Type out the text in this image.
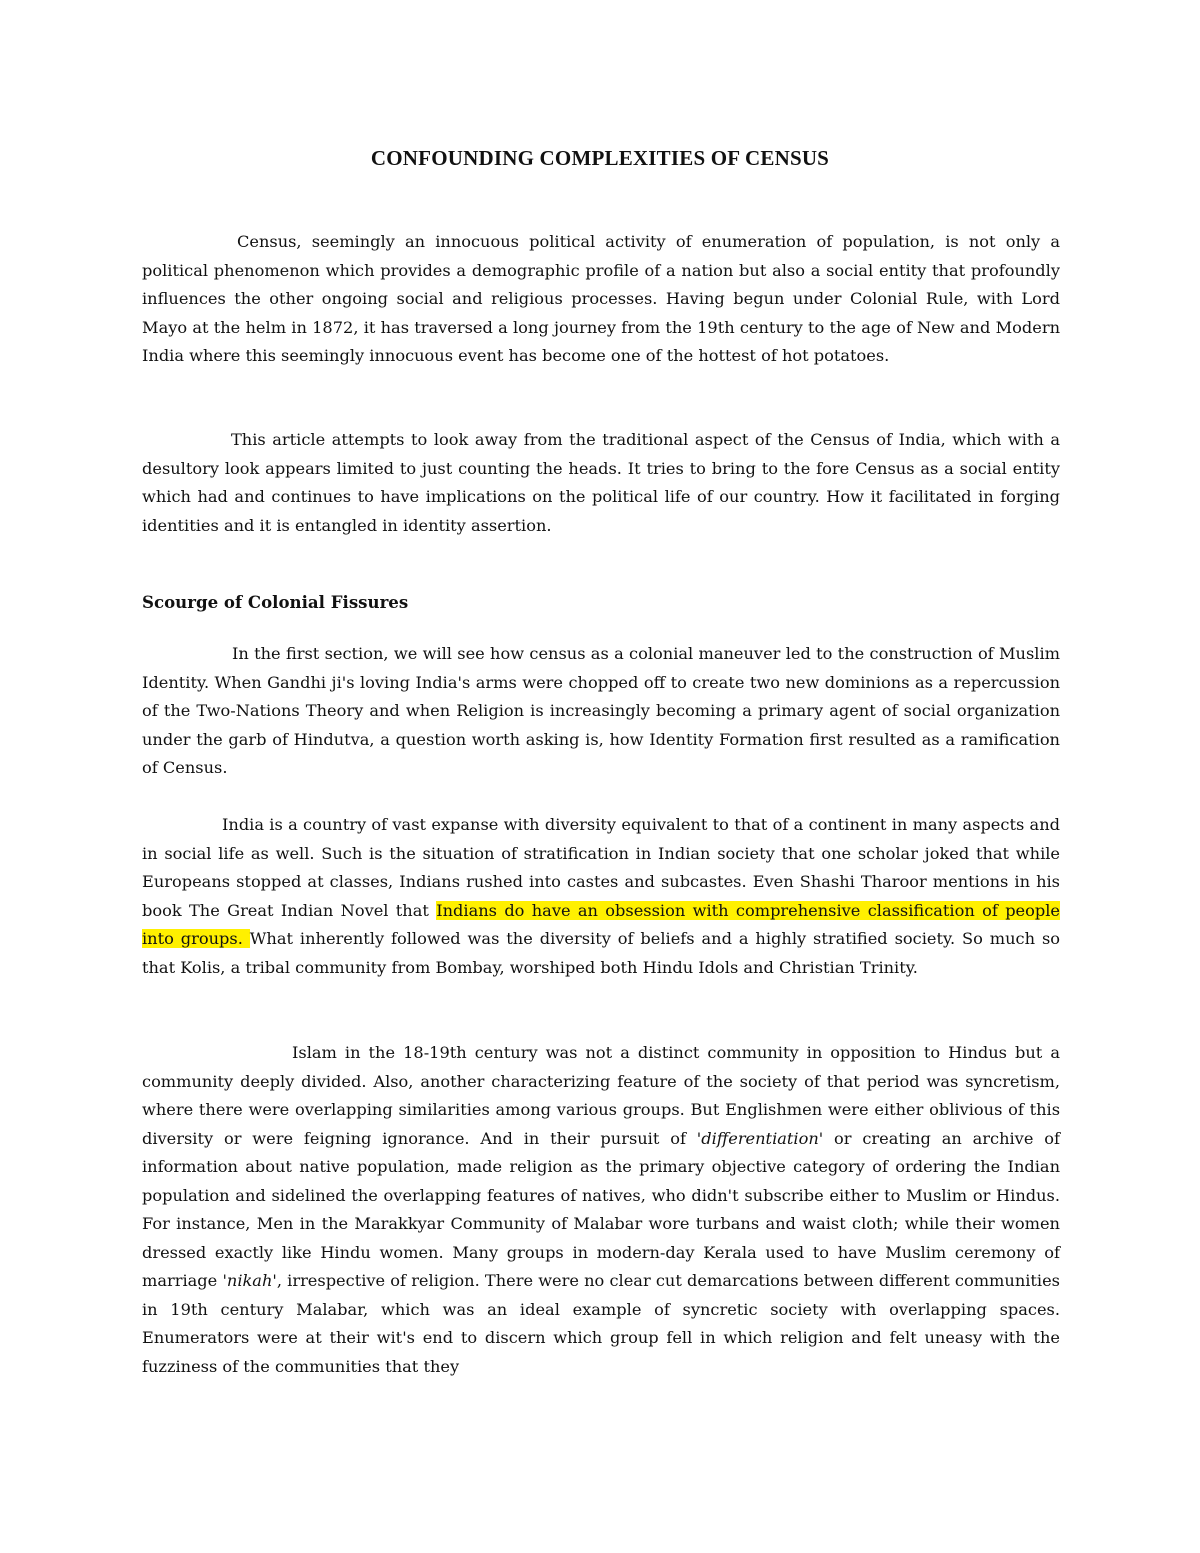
CONFOUNDING COMPLEXITIES OF CENSUS

Census, seemingly an innocuous political activity of enumeration of population, is not only a political phenomenon which provides a demographic profile of a nation but also a social entity that profoundly influences the other ongoing social and religious processes. Having begun under Colonial Rule, with Lord Mayo at the helm in 1872, it has traversed a long journey from the 19th century to the age of New and Modern India where this seemingly innocuous event has become one of the hottest of hot potatoes.

This article attempts to look away from the traditional aspect of the Census of India, which with a desultory look appears limited to just counting the heads. It tries to bring to the fore Census as a social entity which had and continues to have implications on the political life of our country. How it facilitated in forging identities and it is entangled in identity assertion.

Scourge of Colonial Fissures

In the first section, we will see how census as a colonial maneuver led to the construction of Muslim Identity. When Gandhi ji's loving India's arms were chopped off to create two new dominions as a repercussion of the Two-Nations Theory and when Religion is increasingly becoming a primary agent of social organization under the garb of Hindutva, a question worth asking is, how Identity Formation first resulted as a ramification of Census.

India is a country of vast expanse with diversity equivalent to that of a continent in many aspects and in social life as well. Such is the situation of stratification in Indian society that one scholar joked that while Europeans stopped at classes, Indians rushed into castes and subcastes. Even Shashi Tharoor mentions in his book The Great Indian Novel that Indians do have an obsession with comprehensive classification of people into groups. What inherently followed was the diversity of beliefs and a highly stratified society. So much so that Kolis, a tribal community from Bombay, worshiped both Hindu Idols and Christian Trinity.

Islam in the 18-19th century was not a distinct community in opposition to Hindus but a community deeply divided. Also, another characterizing feature of the society of that period was syncretism, where there were overlapping similarities among various groups. But Englishmen were either oblivious of this diversity or were feigning ignorance. And in their pursuit of 'differentiation' or creating an archive of information about native population, made religion as the primary objective category of ordering the Indian population and sidelined the overlapping features of natives, who didn't subscribe either to Muslim or Hindus. For instance, Men in the Marakkyar Community of Malabar wore turbans and waist cloth; while their women dressed exactly like Hindu women. Many groups in modern-day Kerala used to have Muslim ceremony of marriage 'nikah', irrespective of religion. There were no clear cut demarcations between different communities in 19th century Malabar, which was an ideal example of syncretic society with overlapping spaces. Enumerators were at their wit's end to discern which group fell in which religion and felt uneasy with the fuzziness of the communities that they
